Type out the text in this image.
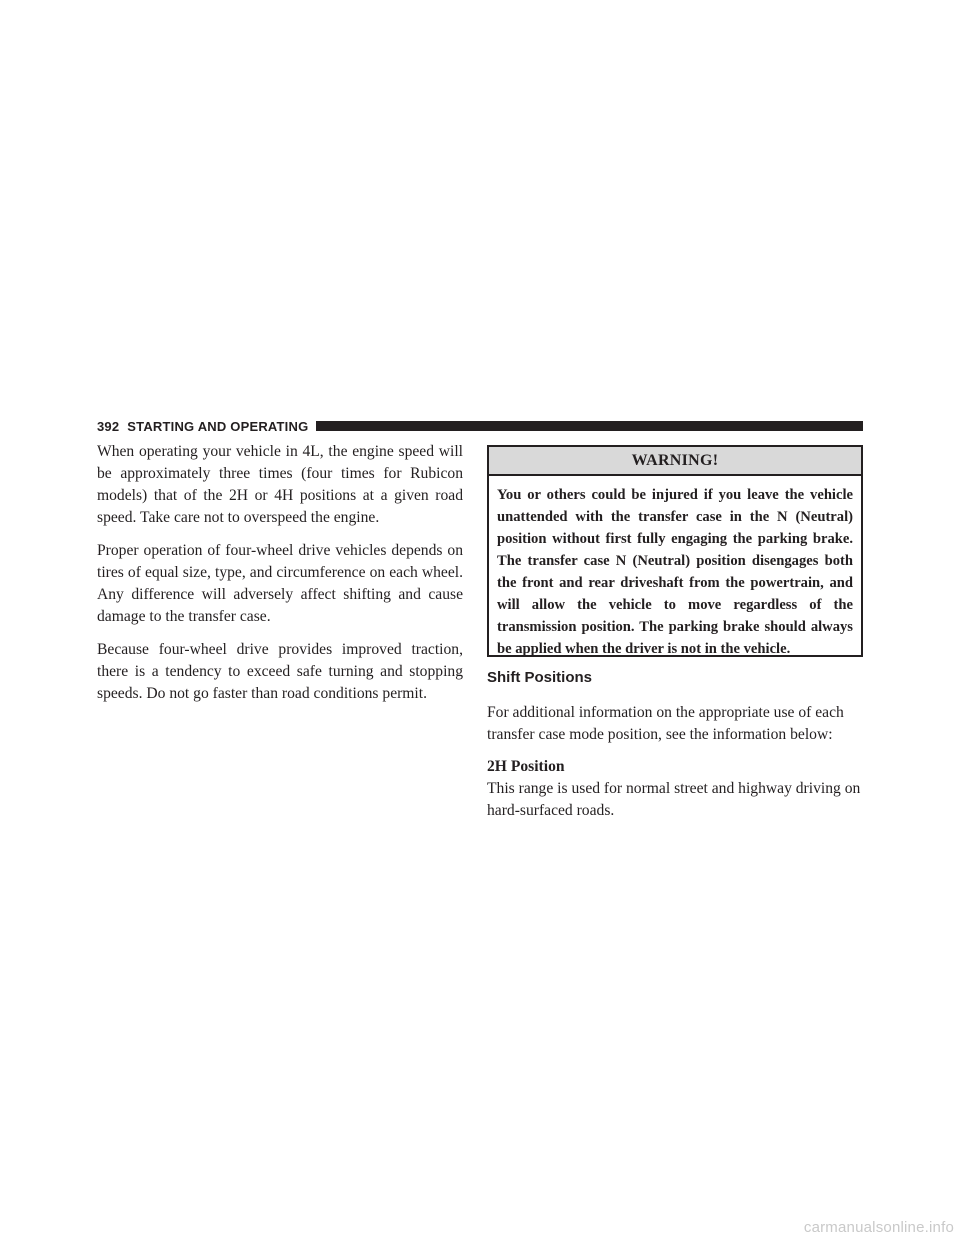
392 STARTING AND OPERATING

When operating your vehicle in 4L, the engine speed will be approximately three times (four times for Rubicon models) that of the 2H or 4H positions at a given road speed. Take care not to overspeed the engine.

Proper operation of four-wheel drive vehicles depends on tires of equal size, type, and circumference on each wheel. Any difference will adversely affect shifting and cause damage to the transfer case.

Because four-wheel drive provides improved traction, there is a tendency to exceed safe turning and stopping speeds. Do not go faster than road conditions permit.

WARNING!
You or others could be injured if you leave the vehicle unattended with the transfer case in the N (Neutral) position without first fully engaging the parking brake. The transfer case N (Neutral) position disengages both the front and rear driveshaft from the powertrain, and will allow the vehicle to move regardless of the transmission position. The parking brake should always be applied when the driver is not in the vehicle.
Shift Positions

For additional information on the appropriate use of each transfer case mode position, see the information below:

2H Position
This range is used for normal street and highway driving on hard-surfaced roads.

carmanualsonline.info
